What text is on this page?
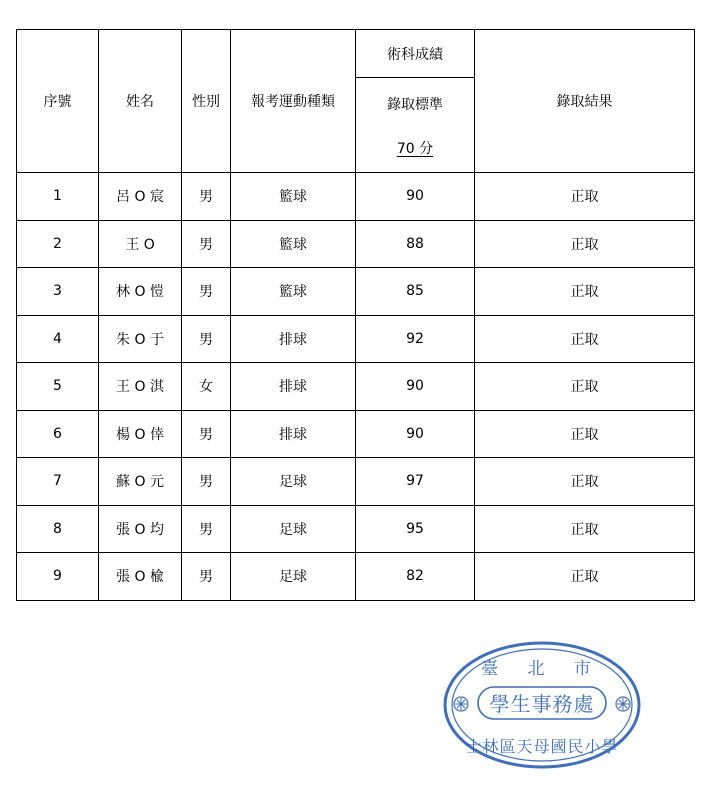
序號	姓名	性別	報考運動種類	術科成績	錄取結果

				錄取標準
70 分	

1	呂 O 宸	男	籃球	90	正取
2	王 O	男	籃球	88	正取
3	林 O 愷	男	籃球	85	正取
4	朱 O 于	男	排球	92	正取
5	王 O 淇	女	排球	90	正取
6	楊 O 倖	男	排球	90	正取
7	蘇 O 元	男	足球	97	正取
8	張 O 均	男	足球	95	正取
9	張 O 楡	男	足球	82	正取
臺 北 市
學生事務處
士林區天母國民小學
